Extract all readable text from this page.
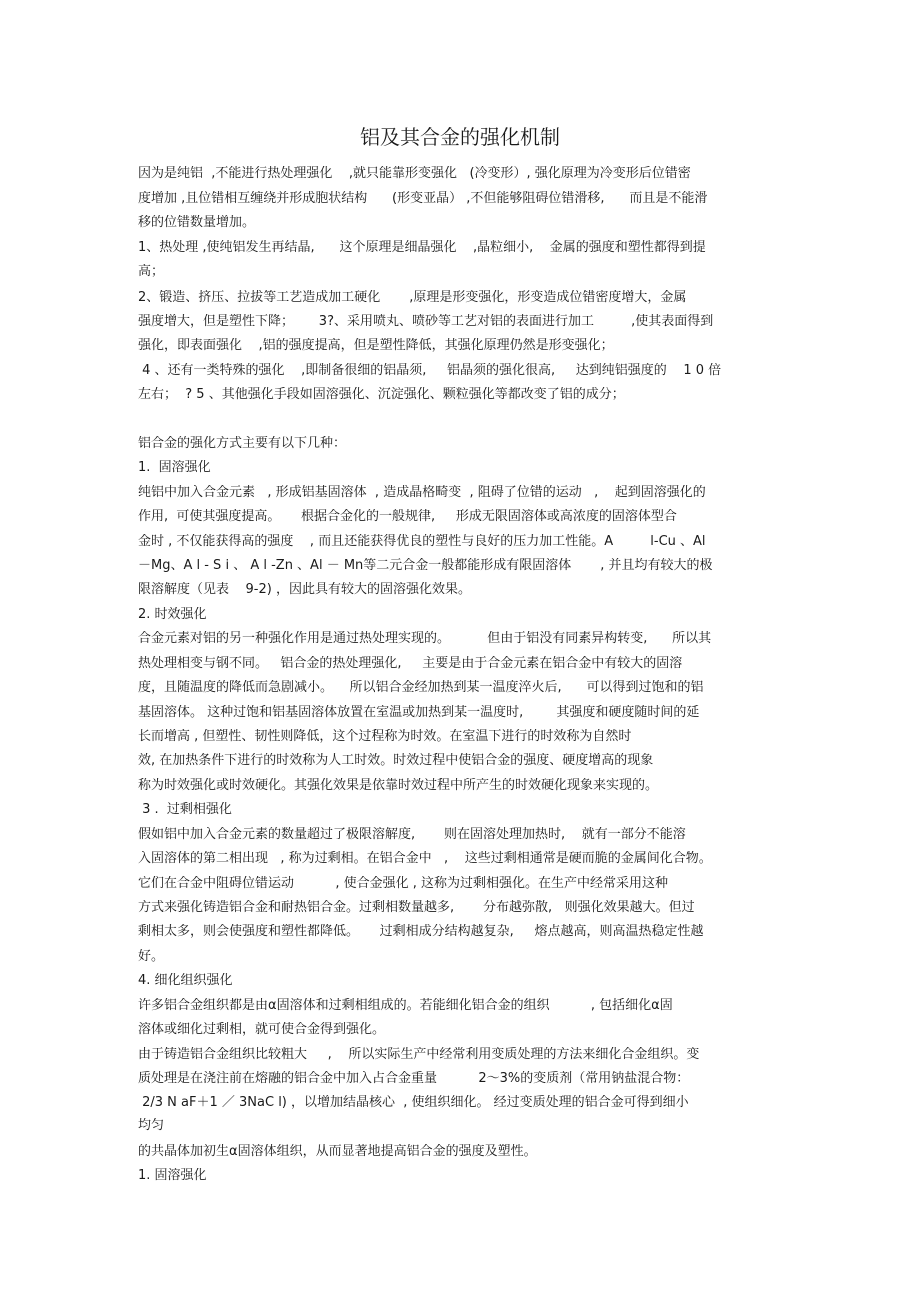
铝及其合金的强化机制
因为是纯铝  ,不能进行热处理强化    ,就只能靠形变强化   (冷变形）, 强化原理为冷变形后位错密
度增加 ,且位错相互缠绕并形成胞状结构      (形变亚晶） ,不但能够阻碍位错滑移,      而且是不能滑
移的位错数量增加。
1、热处理 ,使纯铝发生再结晶,      这个原理是细晶强化    ,晶粒细小,    金属的强度和塑性都得到提
高；
2、锻造、挤压、拉拔等工艺造成加工硬化       ,原理是形变强化，形变造成位错密度增大，金属
强度增大，但是塑性下降；      3?、采用喷丸、喷砂等工艺对铝的表面进行加工         ,使其表面得到
强化，即表面强化    ,铝的强度提高，但是塑性降低，其强化原理仍然是形变强化；
4 、还有一类特殊的强化    ,即制备很细的铝晶须,     铝晶须的强化很高,     达到纯铝强度的    1 0 倍
左右；  ? 5 、其他强化手段如固溶强化、沉淀强化、颗粒强化等都改变了铝的成分；
铝合金的强化方式主要有以下几种：
1.  固溶强化
纯铝中加入合金元素   , 形成铝基固溶体  , 造成晶格畸变  , 阻碍了位错的运动   ,    起到固溶强化的
作用,  可使其强度提高。     根据合金化的一般规律,     形成无限固溶体或高浓度的固溶体型合
金时 , 不仅能获得高的强度    , 而且还能获得优良的塑性与良好的压力加工性能。A         l-Cu 、Al
－Mg、A l - S i 、 A l -Zn 、Al － Mn等二元合金一般都能形成有限固溶体       , 并且均有较大的极
限溶解度（见表    9-2) ，因此具有较大的固溶强化效果。
2. 时效强化
合金元素对铝的另一种强化作用是通过热处理实现的。         但由于铝没有同素异构转变,      所以其
热处理相变与钢不同。   铝合金的热处理强化,     主要是由于合金元素在铝合金中有较大的固溶
度，且随温度的降低而急剧减小。    所以铝合金经加热到某一温度淬火后,      可以得到过饱和的铝
基固溶体。 这种过饱和铝基固溶体放置在室温或加热到某一温度时,        其强度和硬度随时间的延
长而增高 , 但塑性、韧性则降低，这个过程称为时效。在室温下进行的时效称为自然时
效, 在加热条件下进行的时效称为人工时效。时效过程中使铝合金的强度、硬度增高的现象
称为时效强化或时效硬化。其强化效果是依靠时效过程中所产生的时效硬化现象来实现的。
3 .  过剩相强化
假如铝中加入合金元素的数量超过了极限溶解度,       则在固溶处理加热时,    就有一部分不能溶
入固溶体的第二相出现   , 称为过剩相。在铝合金中   ,    这些过剩相通常是硬而脆的金属间化合物。
它们在合金中阻碍位错运动          , 使合金强化 , 这称为过剩相强化。在生产中经常采用这种
方式来强化铸造铝合金和耐热铝合金。过剩相数量越多,       分布越弥散,   则强化效果越大。但过
剩相太多，则会使强度和塑性都降低。     过剩相成分结构越复杂,     熔点越高，则高温热稳定性越
好。
4. 细化组织强化
许多铝合金组织都是由α固溶体和过剩相组成的。若能细化铝合金的组织          , 包括细化α固
溶体或细化过剩相，就可使合金得到强化。
由于铸造铝合金组织比较粗大     ,    所以实际生产中经常利用变质处理的方法来细化合金组织。变
质处理是在浇注前在熔融的铝合金中加入占合金重量          2～3%的变质剂（常用钠盐混合物：
2/3 N aF＋1 ／ 3NaC l) ，以增加结晶核心  , 使组织细化。 经过变质处理的铝合金可得到细小
均匀
的共晶体加初生α固溶体组织，从而显著地提高铝合金的强度及塑性。
1. 固溶强化
